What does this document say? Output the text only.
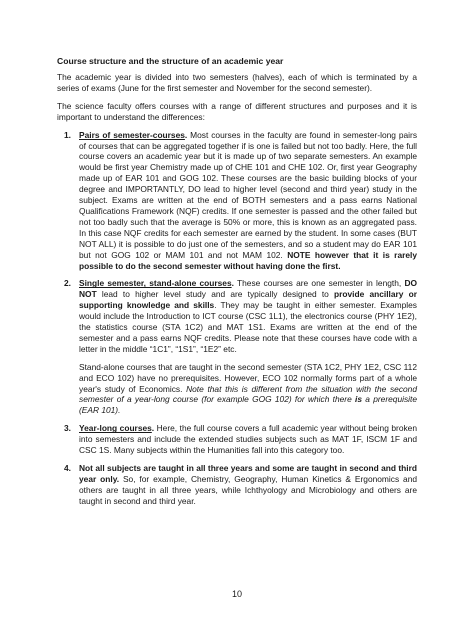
Course structure and the structure of an academic year

The academic year is divided into two semesters (halves), each of which is terminated by a series of exams (June for the first semester and November for the second semester).

The science faculty offers courses with a range of different structures and purposes and it is important to understand the differences:

1. Pairs of semester-courses. Most courses in the faculty are found in semester-long pairs of courses that can be aggregated together if is one is failed but not too badly. Here, the full course covers an academic year but it is made up of two separate semesters. An example would be first year Chemistry made up of CHE 101 and CHE 102. Or, first year Geography made up of EAR 101 and GOG 102. These courses are the basic building blocks of your degree and IMPORTANTLY, DO lead to higher level (second and third year) study in the subject. Exams are written at the end of BOTH semesters and a pass earns National Qualifications Framework (NQF) credits. If one semester is passed and the other failed but not too badly such that the average is 50% or more, this is known as an aggregated pass. In this case NQF credits for each semester are earned by the student. In some cases (BUT NOT ALL) it is possible to do just one of the semesters, and so a student may do EAR 101 but not GOG 102 or MAM 101 and not MAM 102. NOTE however that it is rarely possible to do the second semester without having done the first.
2. Single semester, stand-alone courses. These courses are one semester in length, DO NOT lead to higher level study and are typically designed to provide ancillary or supporting knowledge and skills. They may be taught in either semester. Examples would include the Introduction to ICT course (CSC 1L1), the electronics course (PHY 1E2), the statistics course (STA 1C2) and MAT 1S1. Exams are written at the end of the semester and a pass earns NQF credits. Please note that these courses have code with a letter in the middle “1C1”, “1S1”, “1E2” etc.
Stand-alone courses that are taught in the second semester (STA 1C2, PHY 1E2, CSC 112 and ECO 102) have no prerequisites. However, ECO 102 normally forms part of a whole year's study of Economics. Note that this is different from the situation with the second semester of a year-long course (for example GOG 102) for which there is a prerequisite (EAR 101).
3. Year-long courses. Here, the full course covers a full academic year without being broken into semesters and include the extended studies subjects such as MAT 1F, ISCM 1F and CSC 1S. Many subjects within the Humanities fall into this category too.
4. Not all subjects are taught in all three years and some are taught in second and third year only. So, for example, Chemistry, Geography, Human Kinetics & Ergonomics and others are taught in all three years, while Ichthyology and Microbiology and others are taught in second and third year.
10
